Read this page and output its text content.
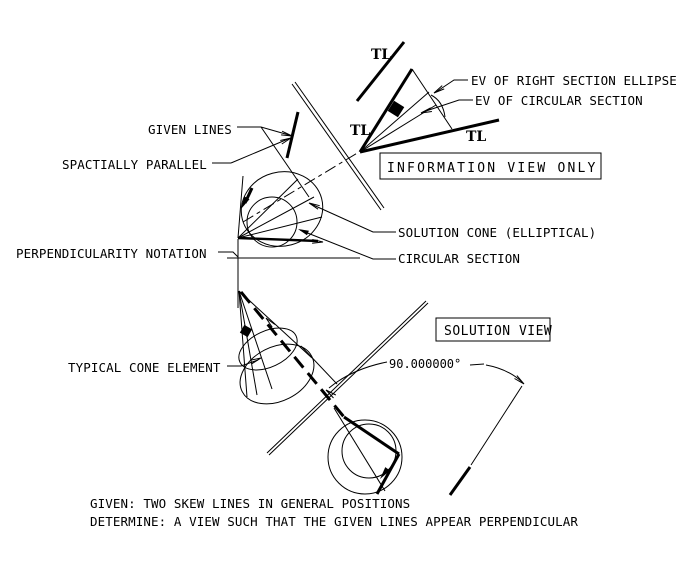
INFORMATION VIEW ONLY
SOLUTION VIEW
GIVEN LINES
SPACTIALLY PARALLEL
PERPENDICULARITY NOTATION
TYPICAL CONE ELEMENT
SOLUTION CONE (ELLIPTICAL)
CIRCULAR SECTION
EV OF RIGHT SECTION ELLIPSE
EV OF CIRCULAR SECTION
TL
TL	TL
90.000000°
GIVEN: TWO SKEW LINES IN GENERAL POSITIONS
DETERMINE: A VIEW SUCH THAT THE GIVEN LINES APPEAR PERPENDICULAR
